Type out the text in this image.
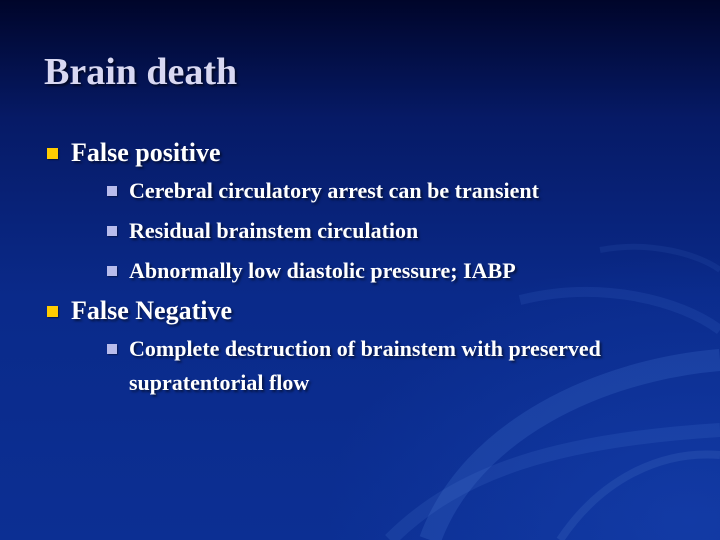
Brain death
False positive
Cerebral circulatory arrest can be transient
Residual brainstem circulation
Abnormally low diastolic pressure; IABP
False Negative
Complete destruction of brainstem with preserved supratentorial flow
